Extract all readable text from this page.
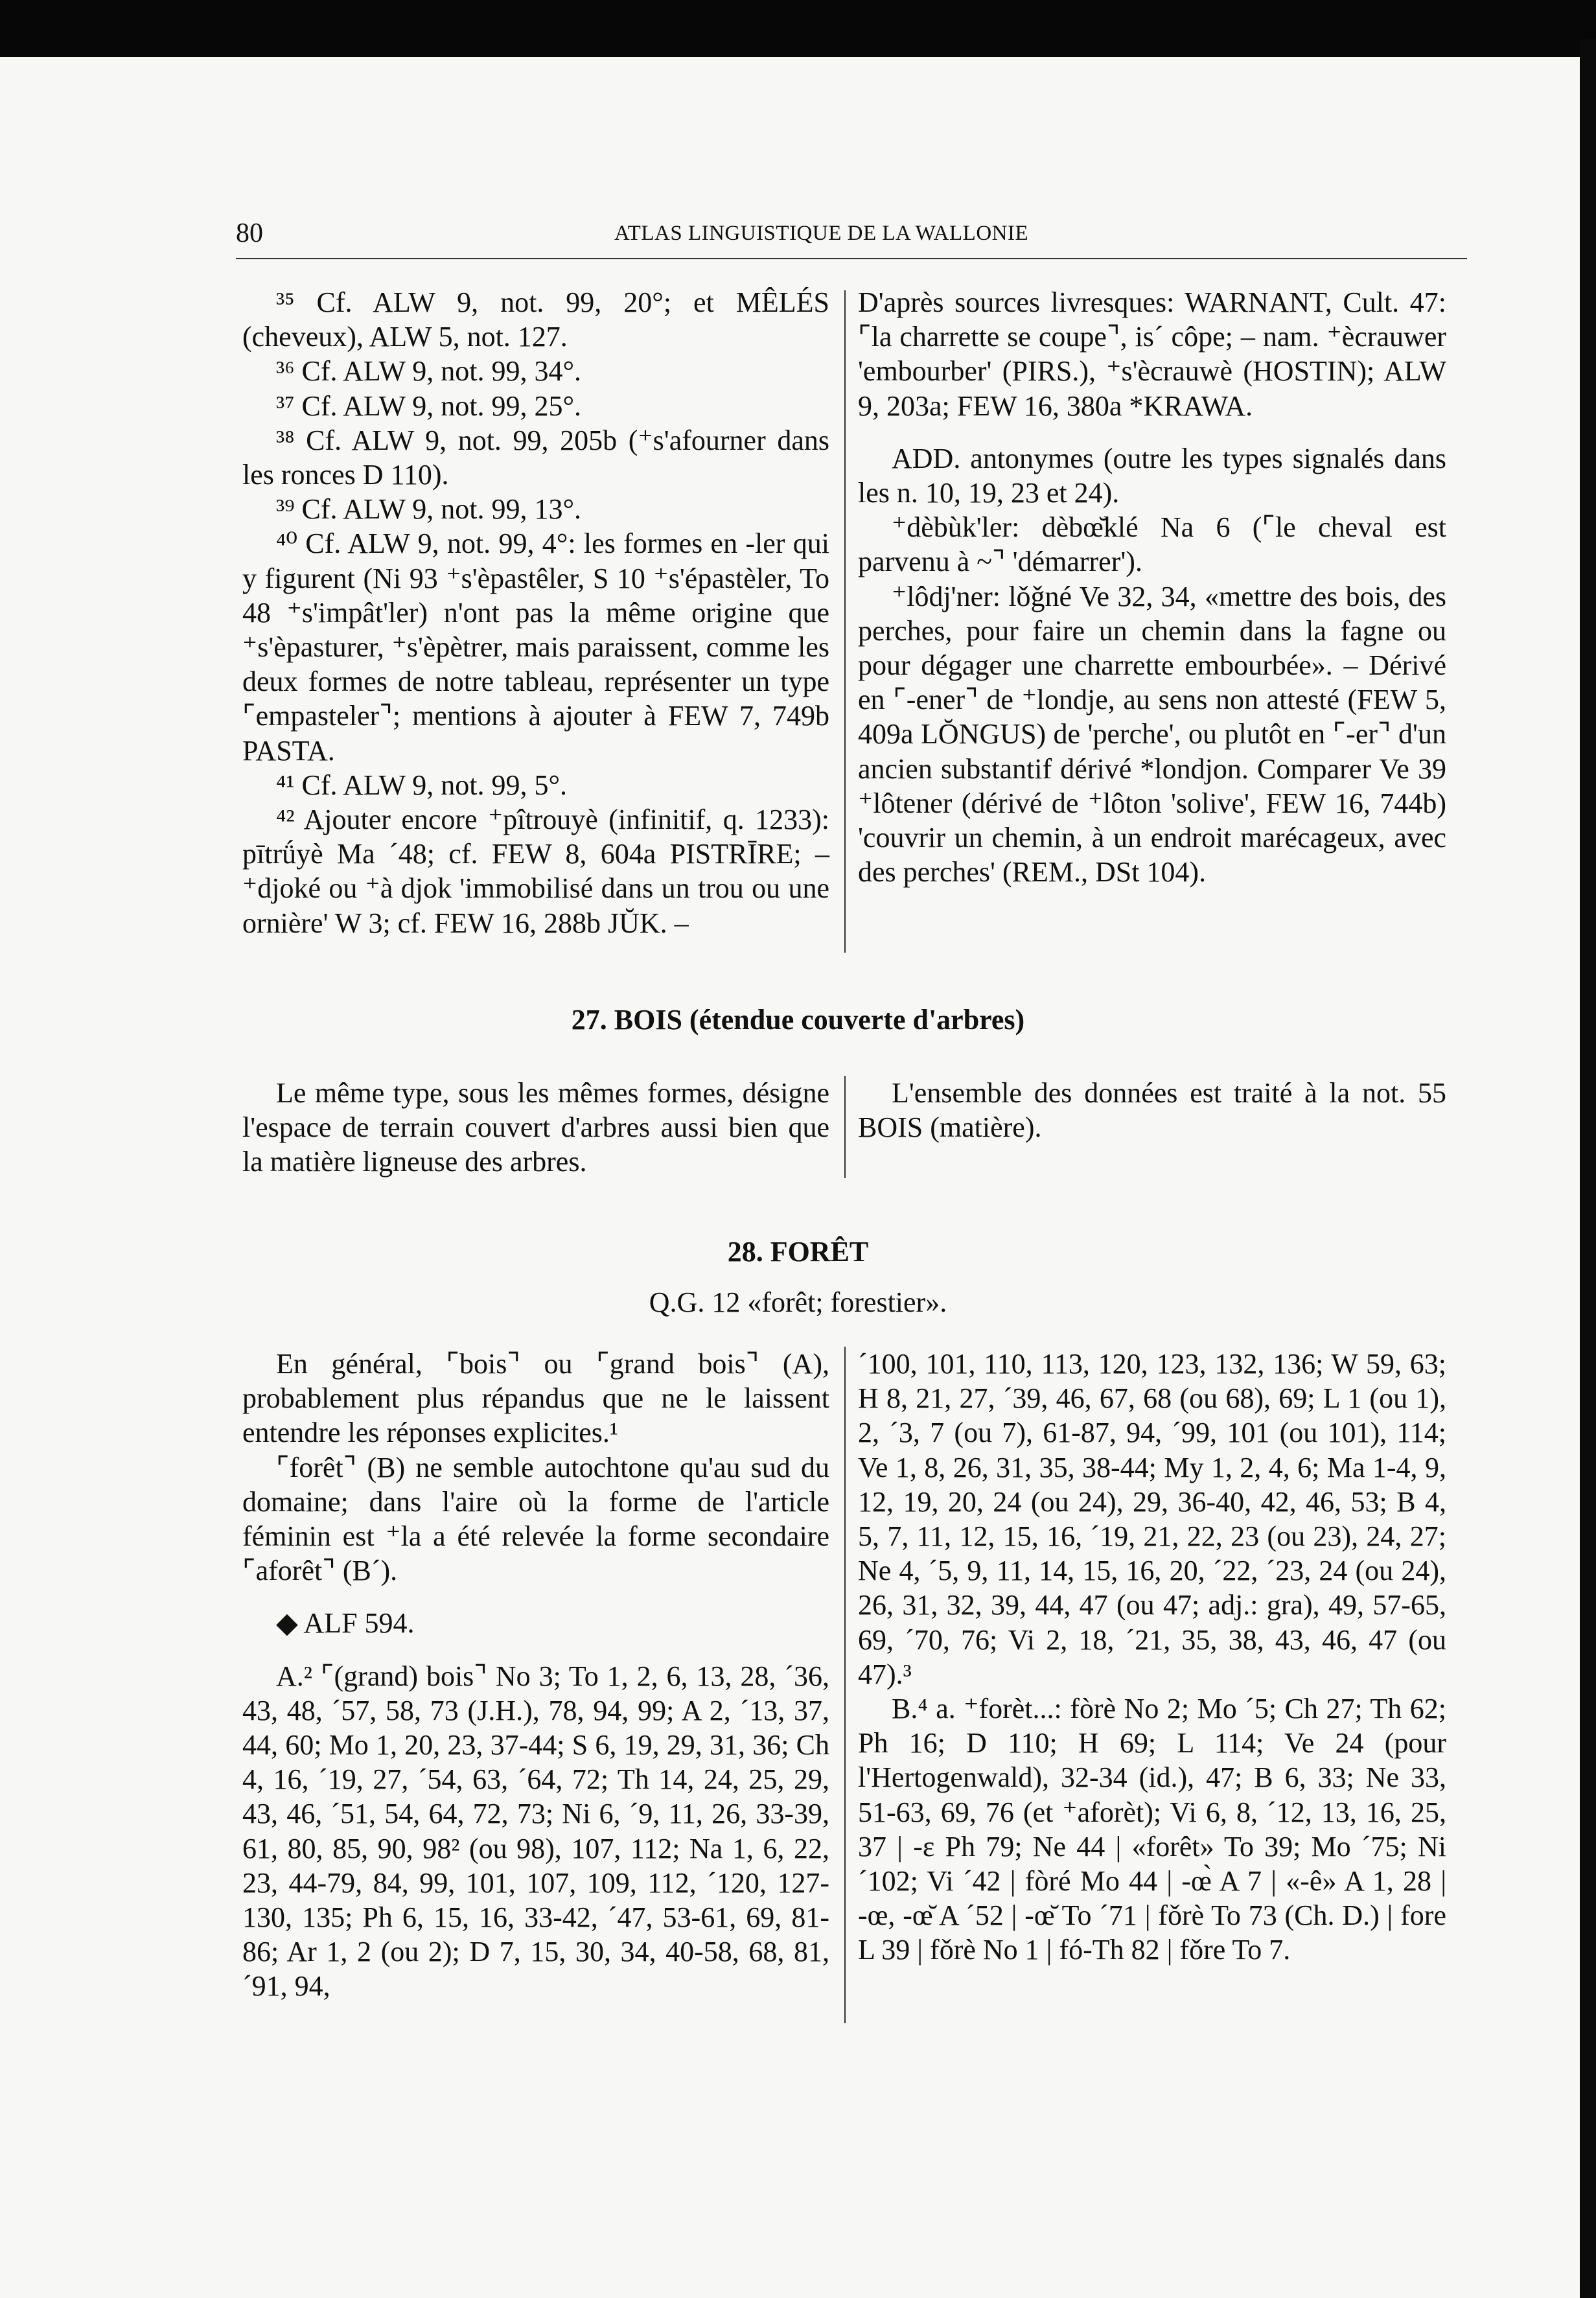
80	ATLAS LINGUISTIQUE DE LA WALLONIE

³⁵ Cf. ALW 9, not. 99, 20°; et MÊLÉS (cheveux), ALW 5, not. 127.

³⁶ Cf. ALW 9, not. 99, 34°.

³⁷ Cf. ALW 9, not. 99, 25°.

³⁸ Cf. ALW 9, not. 99, 205b (⁺s'afourner dans les ronces D 110).

³⁹ Cf. ALW 9, not. 99, 13°.

⁴⁰ Cf. ALW 9, not. 99, 4°: les formes en -ler qui y figurent (Ni 93 ⁺s'èpastêler, S 10 ⁺s'épastèler, To 48 ⁺s'impât'ler) n'ont pas la même origine que ⁺s'èpasturer, ⁺s'èpètrer, mais paraissent, comme les deux formes de notre tableau, représenter un type ⌜empasteler⌝; mentions à ajouter à FEW 7, 749b PASTA.

⁴¹ Cf. ALW 9, not. 99, 5°.

⁴² Ajouter encore ⁺pîtrouyè (infinitif, q. 1233): pītrǘyè Ma ´48; cf. FEW 8, 604a PISTRĪRE; – ⁺djoké ou ⁺à djok 'immobilisé dans un trou ou une ornière' W 3; cf. FEW 16, 288b JŬK. –

D'après sources livresques: WARNANT, Cult. 47: ⌜la charrette se coupe⌝, is´ côpe; – nam. ⁺ècrauwer 'embourber' (PIRS.), ⁺s'ècrauwè (HOSTIN); ALW 9, 203a; FEW 16, 380a *KRAWA.

ADD. antonymes (outre les types signalés dans les n. 10, 19, 23 et 24).

⁺dèbùk'ler: dèbœ̆klé Na 6 (⌜le cheval est parvenu à ~⌝ 'démarrer').

⁺lôdj'ner: lǒǧné Ve 32, 34, «mettre des bois, des perches, pour faire un chemin dans la fagne ou pour dégager une charrette embourbée». – Dérivé en ⌜-ener⌝ de ⁺londje, au sens non attesté (FEW 5, 409a LŎNGUS) de 'perche', ou plutôt en ⌜-er⌝ d'un ancien substantif dérivé *londjon. Comparer Ve 39 ⁺lôtener (dérivé de ⁺lôton 'solive', FEW 16, 744b) 'couvrir un chemin, à un endroit marécageux, avec des perches' (REM., DSt 104).

27. BOIS (étendue couverte d'arbres)

Le même type, sous les mêmes formes, désigne l'espace de terrain couvert d'arbres aussi bien que la matière ligneuse des arbres.

L'ensemble des données est traité à la not. 55 BOIS (matière).

28. FORÊT
Q.G. 12 «forêt; forestier».

En général, ⌜bois⌝ ou ⌜grand bois⌝ (A), probablement plus répandus que ne le laissent entendre les réponses explicites.¹

⌜forêt⌝ (B) ne semble autochtone qu'au sud du domaine; dans l'aire où la forme de l'article féminin est ⁺la a été relevée la forme secondaire ⌜aforêt⌝ (B´).

◆ ALF 594.

A.² ⌜(grand) bois⌝ No 3; To 1, 2, 6, 13, 28, ´36, 43, 48, ´57, 58, 73 (J.H.), 78, 94, 99; A 2, ´13, 37, 44, 60; Mo 1, 20, 23, 37-44; S 6, 19, 29, 31, 36; Ch 4, 16, ´19, 27, ´54, 63, ´64, 72; Th 14, 24, 25, 29, 43, 46, ´51, 54, 64, 72, 73; Ni 6, ´9, 11, 26, 33-39, 61, 80, 85, 90, 98² (ou 98), 107, 112; Na 1, 6, 22, 23, 44-79, 84, 99, 101, 107, 109, 112, ´120, 127-130, 135; Ph 6, 15, 16, 33-42, ´47, 53-61, 69, 81-86; Ar 1, 2 (ou 2); D 7, 15, 30, 34, 40-58, 68, 81, ´91, 94,

´100, 101, 110, 113, 120, 123, 132, 136; W 59, 63; H 8, 21, 27, ´39, 46, 67, 68 (ou 68), 69; L 1 (ou 1), 2, ´3, 7 (ou 7), 61-87, 94, ´99, 101 (ou 101), 114; Ve 1, 8, 26, 31, 35, 38-44; My 1, 2, 4, 6; Ma 1-4, 9, 12, 19, 20, 24 (ou 24), 29, 36-40, 42, 46, 53; B 4, 5, 7, 11, 12, 15, 16, ´19, 21, 22, 23 (ou 23), 24, 27; Ne 4, ´5, 9, 11, 14, 15, 16, 20, ´22, ´23, 24 (ou 24), 26, 31, 32, 39, 44, 47 (ou 47; adj.: gra), 49, 57-65, 69, ´70, 76; Vi 2, 18, ´21, 35, 38, 43, 46, 47 (ou 47).³

B.⁴ a. ⁺forèt...: fòrè No 2; Mo ´5; Ch 27; Th 62; Ph 16; D 110; H 69; L 114; Ve 24 (pour l'Hertogenwald), 32-34 (id.), 47; B 6, 33; Ne 33, 51-63, 69, 76 (et ⁺aforèt); Vi 6, 8, ´12, 13, 16, 25, 37 | -ɛ Ph 79; Ne 44 | «forêt» To 39; Mo ´75; Ni ´102; Vi ´42 | fòré Mo 44 | -œ̀ A 7 | «-ê» A 1, 28 | -œ, -œ̆ A ´52 | -œ̆ To ´71 | fǒrè To 73 (Ch. D.) | fore L 39 | fǒrè No 1 | fó-Th 82 | fǒre To 7.
